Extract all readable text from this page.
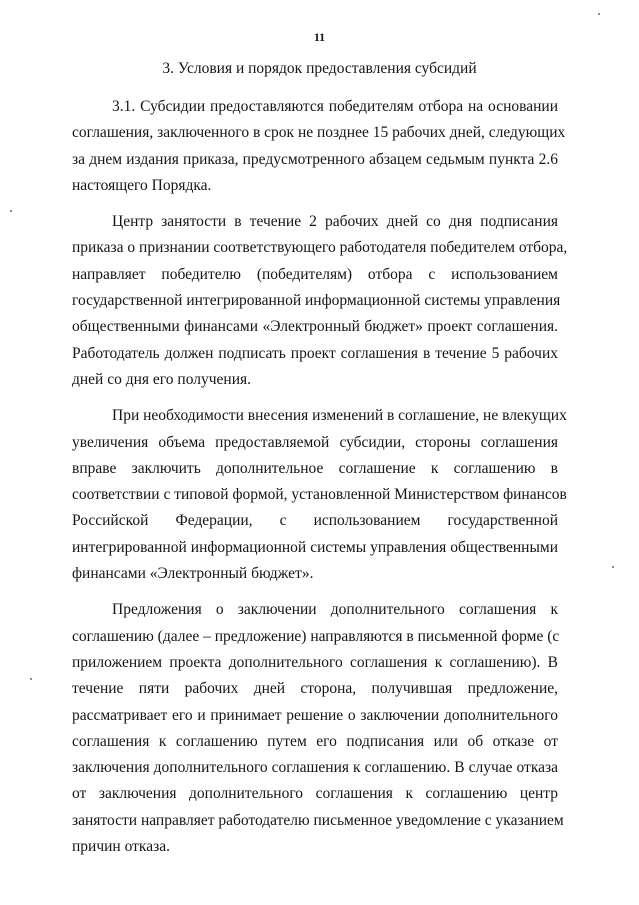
11
3. Условия и порядок предоставления субсидий
3.1. Субсидии предоставляются победителям отбора на основании
соглашения, заключенного в срок не позднее 15 рабочих дней, следующих
за днем издания приказа, предусмотренного абзацем седьмым пункта 2.6
настоящего Порядка.
Центр занятости в течение 2 рабочих дней со дня подписания
приказа о признании соответствующего работодателя победителем отбора,
направляет победителю (победителям) отбора с использованием
государственной интегрированной информационной системы управления
общественными финансами «Электронный бюджет» проект соглашения.
Работодатель должен подписать проект соглашения в течение 5 рабочих
дней со дня его получения.
При необходимости внесения изменений в соглашение, не влекущих
увеличения объема предоставляемой субсидии, стороны соглашения
вправе заключить дополнительное соглашение к соглашению в
соответствии с типовой формой, установленной Министерством финансов
Российской Федерации, с использованием государственной
интегрированной информационной системы управления общественными
финансами «Электронный бюджет».
Предложения о заключении дополнительного соглашения к
соглашению (далее – предложение) направляются в письменной форме (с
приложением проекта дополнительного соглашения к соглашению). В
течение пяти рабочих дней сторона, получившая предложение,
рассматривает его и принимает решение о заключении дополнительного
соглашения к соглашению путем его подписания или об отказе от
заключения дополнительного соглашения к соглашению. В случае отказа
от заключения дополнительного соглашения к соглашению центр
занятости направляет работодателю письменное уведомление с указанием
причин отказа.
